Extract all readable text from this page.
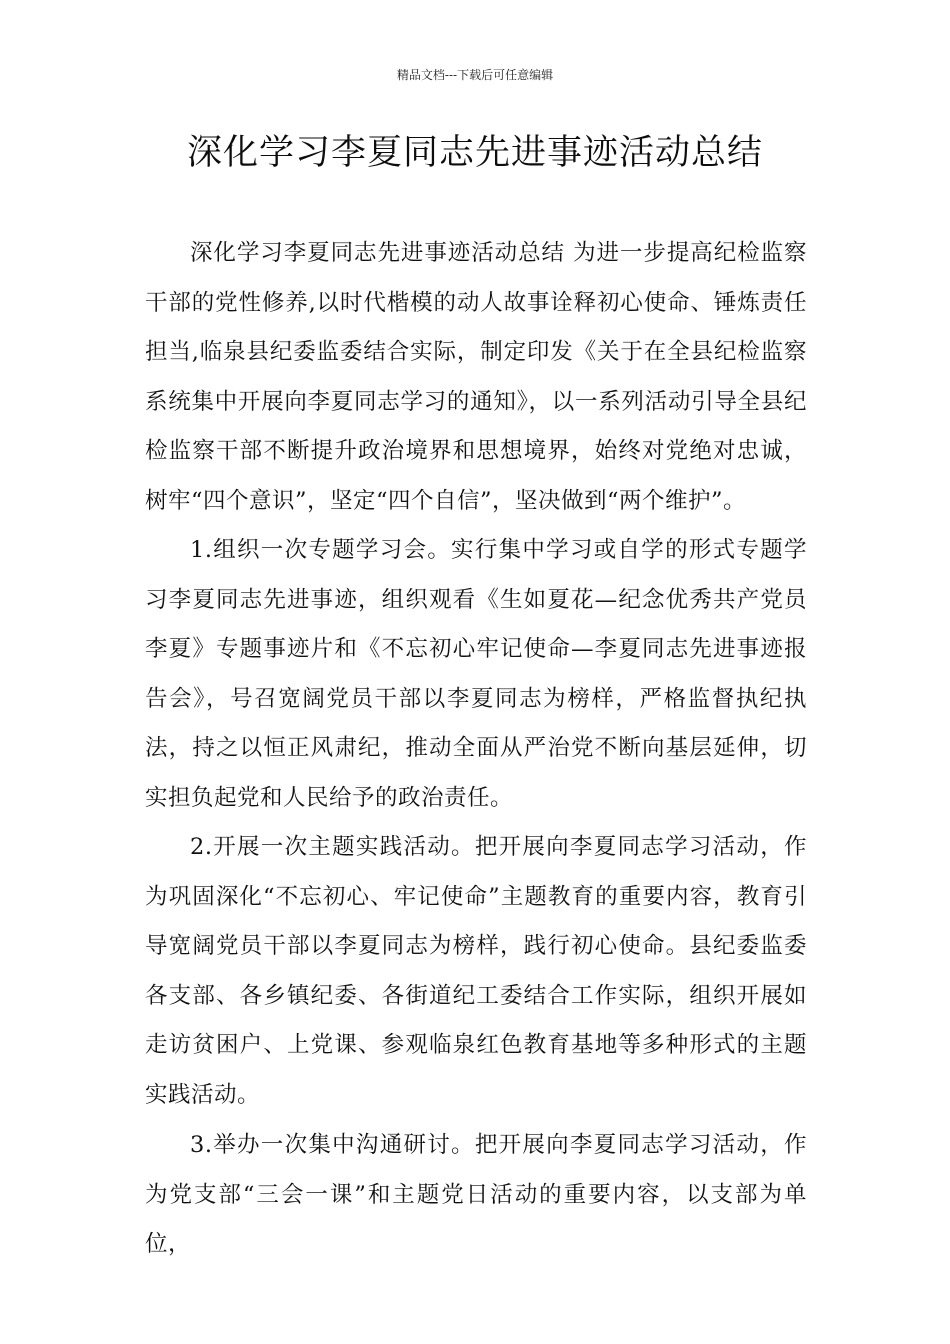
精品文档---下载后可任意编辑
深化学习李夏同志先进事迹活动总结

深化学习李夏同志先进事迹活动总结 为进一步提高纪检监察干部的党性修养,以时代楷模的动人故事诠释初心使命、锤炼责任担当,临泉县纪委监委结合实际，制定印发《关于在全县纪检监察系统集中开展向李夏同志学习的通知》，以一系列活动引导全县纪检监察干部不断提升政治境界和思想境界，始终对党绝对忠诚，树牢“四个意识”，坚定“四个自信”，坚决做到“两个维护”。

1.组织一次专题学习会。实行集中学习或自学的形式专题学习李夏同志先进事迹，组织观看《生如夏花—纪念优秀共产党员李夏》专题事迹片和《不忘初心牢记使命—李夏同志先进事迹报告会》，号召宽阔党员干部以李夏同志为榜样，严格监督执纪执法，持之以恒正风肃纪，推动全面从严治党不断向基层延伸，切实担负起党和人民给予的政治责任。

2.开展一次主题实践活动。把开展向李夏同志学习活动，作为巩固深化“不忘初心、牢记使命”主题教育的重要内容，教育引导宽阔党员干部以李夏同志为榜样，践行初心使命。县纪委监委各支部、各乡镇纪委、各街道纪工委结合工作实际，组织开展如走访贫困户、上党课、参观临泉红色教育基地等多种形式的主题实践活动。

3.举办一次集中沟通研讨。把开展向李夏同志学习活动，作为党支部“三会一课”和主题党日活动的重要内容，以支部为单位，
